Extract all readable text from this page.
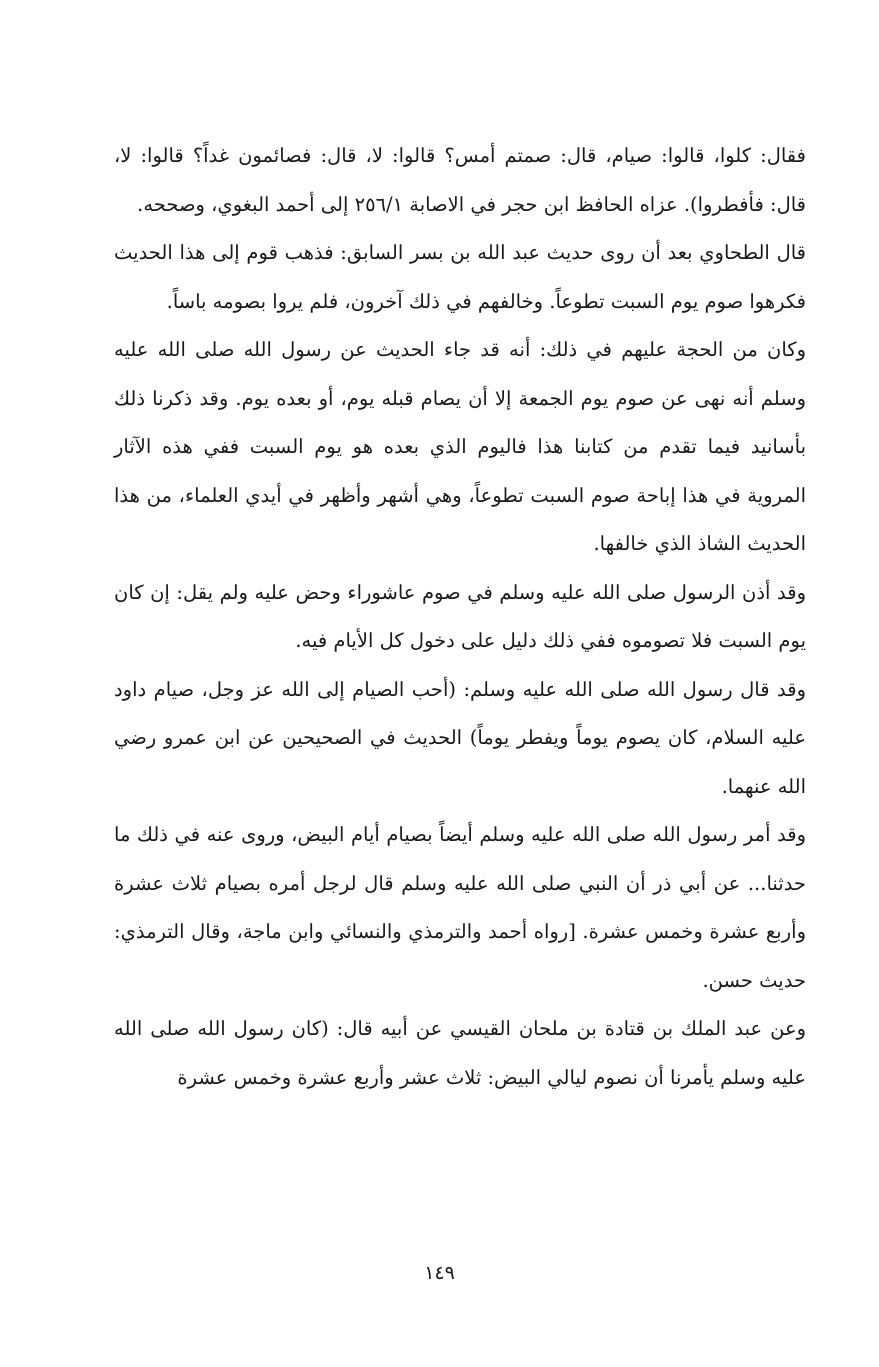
فقال: كلوا، قالوا: صيام، قال: صمتم أمس؟ قالوا: لا، قال: فصائمون غداً؟ قالوا: لا، قال: فأفطروا). عزاه الحافظ ابن حجر في الاصابة ٢٥٦/١ إلى أحمد البغوي، وصححه.

قال الطحاوي بعد أن روى حديث عبد الله بن بسر السابق: فذهب قوم إلى هذا الحديث فكرهوا صوم يوم السبت تطوعاً. وخالفهم في ذلك آخرون، فلم يروا بصومه باساً.

وكان من الحجة عليهم في ذلك: أنه قد جاء الحديث عن رسول الله صلى الله عليه وسلم أنه نهى عن صوم يوم الجمعة إلا أن يصام قبله يوم، أو بعده يوم. وقد ذكرنا ذلك بأسانيد فيما تقدم من كتابنا هذا فاليوم الذي بعده هو يوم السبت ففي هذه الآثار المروية في هذا إباحة صوم السبت تطوعاً، وهي أشهر وأظهر في أيدي العلماء، من هذا الحديث الشاذ الذي خالفها.

وقد أذن الرسول صلى الله عليه وسلم في صوم عاشوراء وحض عليه ولم يقل: إن كان يوم السبت فلا تصوموه ففي ذلك دليل على دخول كل الأيام فيه.

وقد قال رسول الله صلى الله عليه وسلم: (أحب الصيام إلى الله عز وجل، صيام داود عليه السلام، كان يصوم يوماً ويفطر يوماً) الحديث في الصحيحين عن ابن عمرو رضي الله عنهما.

وقد أمر رسول الله صلى الله عليه وسلم أيضاً بصيام أيام البيض، وروى عنه في ذلك ما حدثنا... عن أبي ذر أن النبي صلى الله عليه وسلم قال لرجل أمره بصيام ثلاث عشرة وأربع عشرة وخمس عشرة. [رواه أحمد والترمذي والنسائي وابن ماجة، وقال الترمذي: حديث حسن.

وعن عبد الملك بن قتادة بن ملحان القيسي عن أبيه قال: (كان رسول الله صلى الله عليه وسلم يأمرنا أن نصوم ليالي البيض: ثلاث عشر وأربع عشرة وخمس عشرة

١٤٩
